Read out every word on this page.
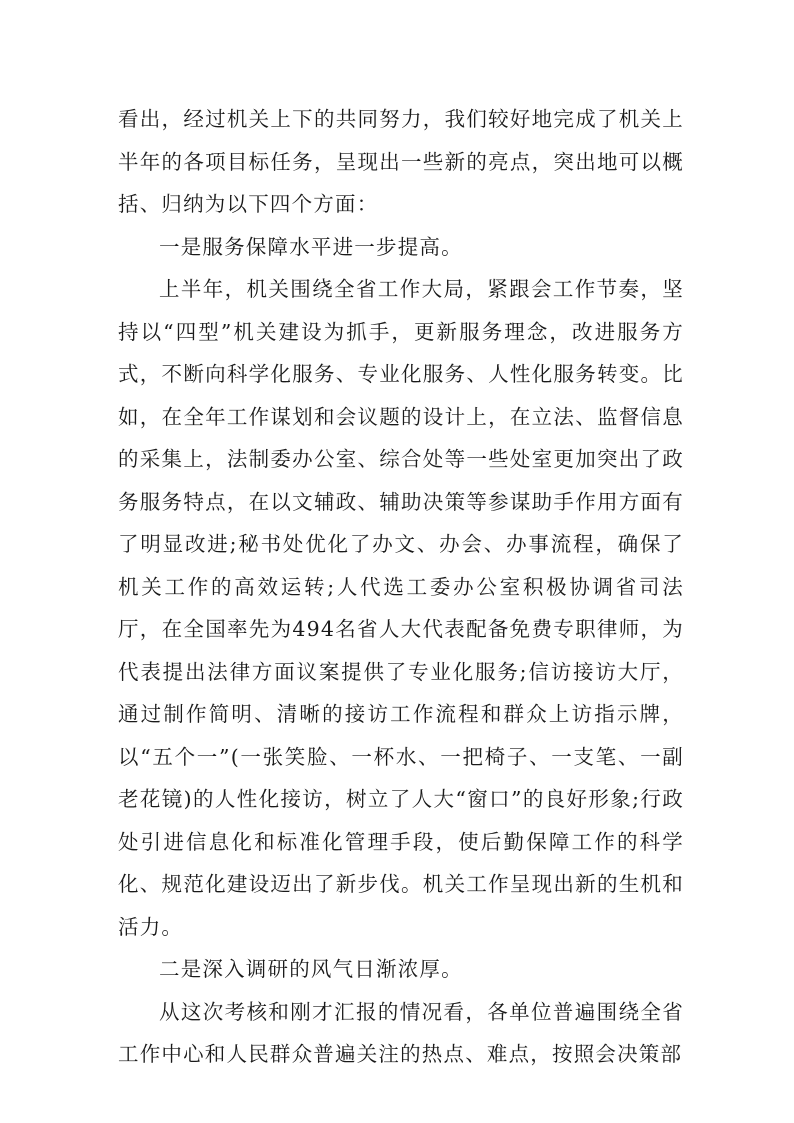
看出，经过机关上下的共同努力，我们较好地完成了机关上半年的各项目标任务，呈现出一些新的亮点，突出地可以概括、归纳为以下四个方面：

一是服务保障水平进一步提高。

上半年，机关围绕全省工作大局，紧跟会工作节奏，坚持以“四型”机关建设为抓手，更新服务理念，改进服务方式，不断向科学化服务、专业化服务、人性化服务转变。比如，在全年工作谋划和会议题的设计上，在立法、监督信息的采集上，法制委办公室、综合处等一些处室更加突出了政务服务特点，在以文辅政、辅助决策等参谋助手作用方面有了明显改进;秘书处优化了办文、办会、办事流程，确保了机关工作的高效运转;人代选工委办公室积极协调省司法厅，在全国率先为494名省人大代表配备免费专职律师，为代表提出法律方面议案提供了专业化服务;信访接访大厅，通过制作简明、清晰的接访工作流程和群众上访指示牌，以“五个一”(一张笑脸、一杯水、一把椅子、一支笔、一副老花镜)的人性化接访，树立了人大“窗口”的良好形象;行政处引进信息化和标准化管理手段，使后勤保障工作的科学化、规范化建设迈出了新步伐。机关工作呈现出新的生机和活力。

二是深入调研的风气日渐浓厚。

从这次考核和刚才汇报的情况看，各单位普遍围绕全省工作中心和人民群众普遍关注的热点、难点，按照会决策部
